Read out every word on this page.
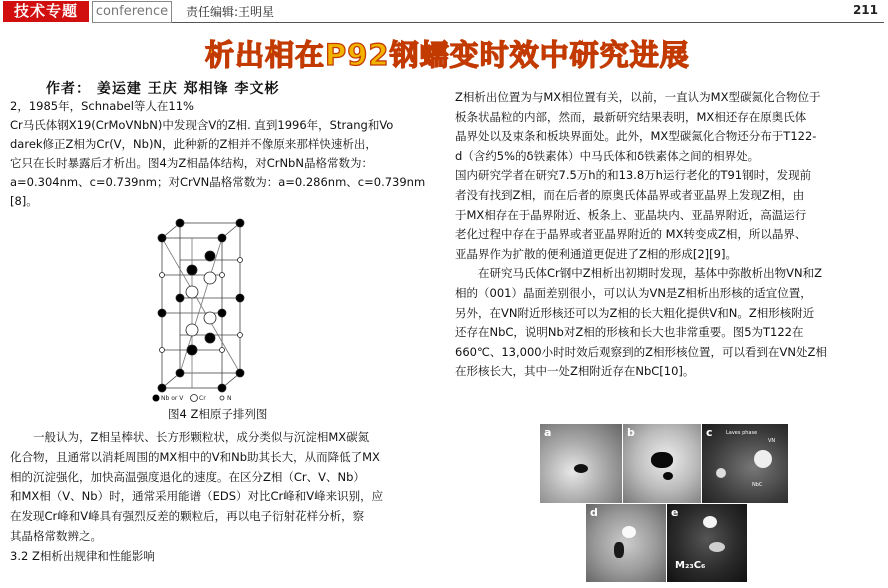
技术专题	conference	责任编辑:王明星	211
析出相在P92钢蠕变时效中研究进展
作者： 姜运建 王庆 郑相锋 李文彬

2，1985年，Schnabel等人在11%

Cr马氏体钢X19(CrMoVNbN)中发现含V的Z相. 直到1996年，Strang和Vo

darek修正Z相为Cr(V，Nb)N，此种新的Z相并不像原来那样快速析出，

它只在长时暴露后才析出。图4为Z相晶体结构，对CrNbN晶格常数为：

a=0.304nm、c=0.739nm；对CrVN晶格常数为：a=0.286nm、c=0.739nm

[8]。

Nb or V	Cr	N
图4 Z相原子排列图

　　一般认为，Z相呈棒状、长方形颗粒状，成分类似与沉淀相MX碳氮

化合物，且通常以消耗周围的MX相中的V和Nb助其长大，从而降低了MX

相的沉淀强化，加快高温强度退化的速度。在区分Z相（Cr、V、Nb）

和MX相（V、Nb）时，通常采用能谱（EDS）对比Cr峰和V峰来识别，应

在发现Cr峰和V峰具有强烈反差的颗粒后，再以电子衍射花样分析，察

其晶格常数辨之。

3.2 Z相析出规律和性能影响

Z相析出位置为与MX相位置有关，以前，一直认为MX型碳氮化合物位于

板条状晶粒的内部，然而，最新研究结果表明，MX相还存在原奥氏体

晶界处以及束条和板块界面处。此外，MX型碳氮化合物还分布于T122-

d（含约5%的δ铁素体）中马氏体和δ铁素体之间的相界处。

国内研究学者在研究7.5万h的和13.8万h运行老化的T91钢时，发现前

者没有找到Z相，而在后者的原奥氏体晶界或者亚晶界上发现Z相，由

于MX相存在于晶界附近、板条上、亚晶块内、亚晶界附近，高温运行

老化过程中存在于晶界或者亚晶界附近的 MX转变成Z相，所以晶界、

亚晶界作为扩散的便利通道更促进了Z相的形成[2][9]。

　　在研究马氏体Cr钢中Z相析出初期时发现，基体中弥散析出物VN和Z

相的（001）晶面差别很小，可以认为VN是Z相析出形核的适宜位置，

另外，在VN附近形核还可以为Z相的长大粗化提供V和N。Z相形核附近

还存在NbC，说明Nb对Z相的形核和长大也非常重要。图5为T122在

660℃、13,000小时时效后观察到的Z相形核位置，可以看到在VN处Z相

在形核长大，其中一处Z相附近存在NbC[10]。

a	b	c	Laves phase
VN
NbC
d	e
M₂₃C₆
